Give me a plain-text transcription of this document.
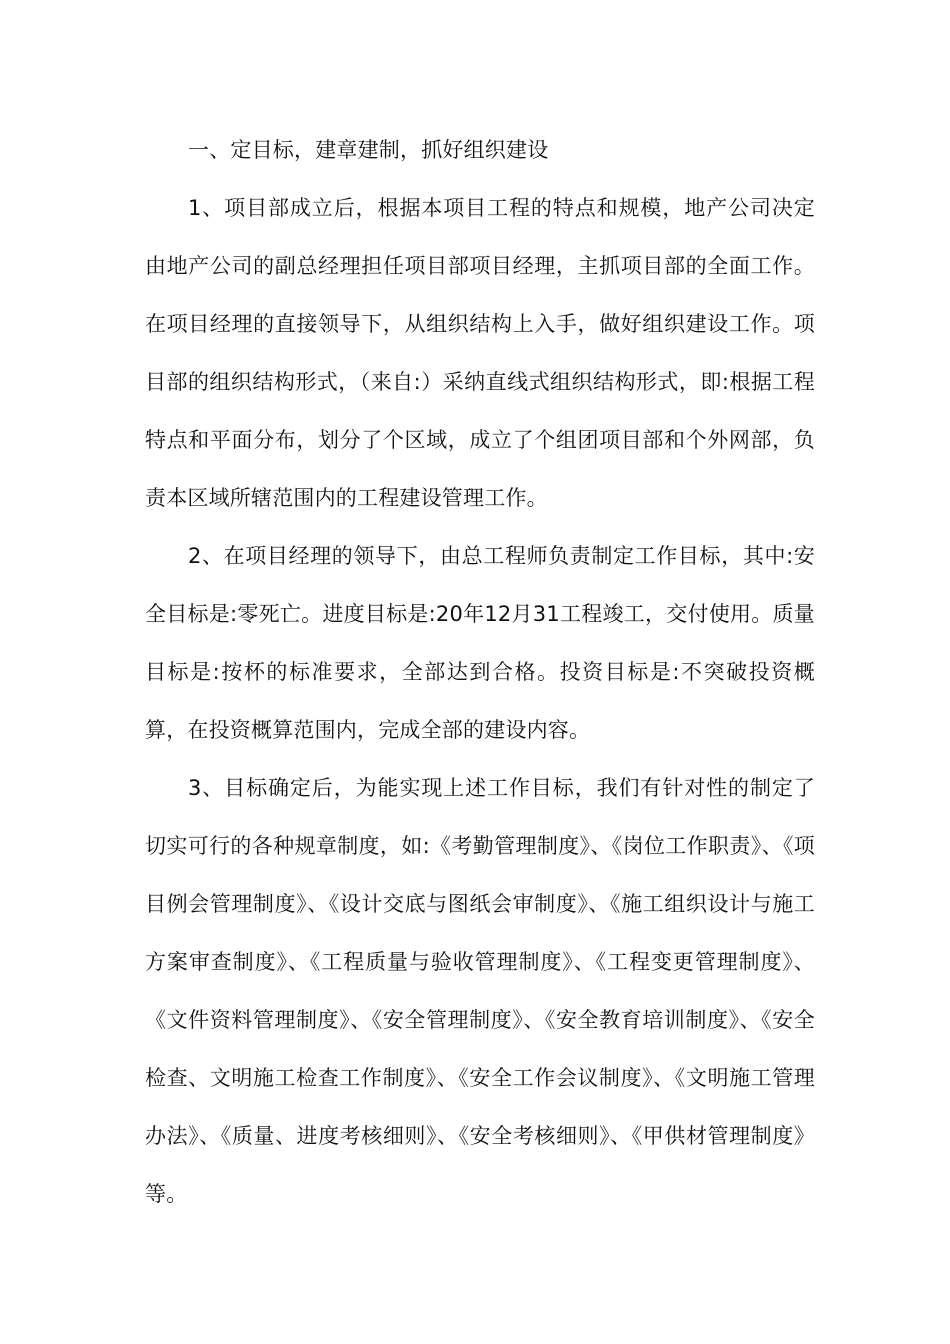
一、定目标，建章建制，抓好组织建设

1、项目部成立后，根据本项目工程的特点和规模，地产公司决定由地产公司的副总经理担任项目部项目经理，主抓项目部的全面工作。在项目经理的直接领导下，从组织结构上入手，做好组织建设工作。项目部的组织结构形式，（来自:）采纳直线式组织结构形式，即:根据工程特点和平面分布，划分了个区域，成立了个组团项目部和个外网部，负责本区域所辖范围内的工程建设管理工作。

2、在项目经理的领导下，由总工程师负责制定工作目标，其中:安全目标是:零死亡。进度目标是:20年12月31工程竣工，交付使用。质量目标是:按杯的标准要求，全部达到合格。投资目标是:不突破投资概算，在投资概算范围内，完成全部的建设内容。

3、目标确定后，为能实现上述工作目标，我们有针对性的制定了切实可行的各种规章制度，如:《考勤管理制度》、《岗位工作职责》、《项目例会管理制度》、《设计交底与图纸会审制度》、《施工组织设计与施工方案审查制度》、《工程质量与验收管理制度》、《工程变更管理制度》、《文件资料管理制度》、《安全管理制度》、《安全教育培训制度》、《安全检查、文明施工检查工作制度》、《安全工作会议制度》、《文明施工管理办法》、《质量、进度考核细则》、《安全考核细则》、《甲供材管理制度》等。
